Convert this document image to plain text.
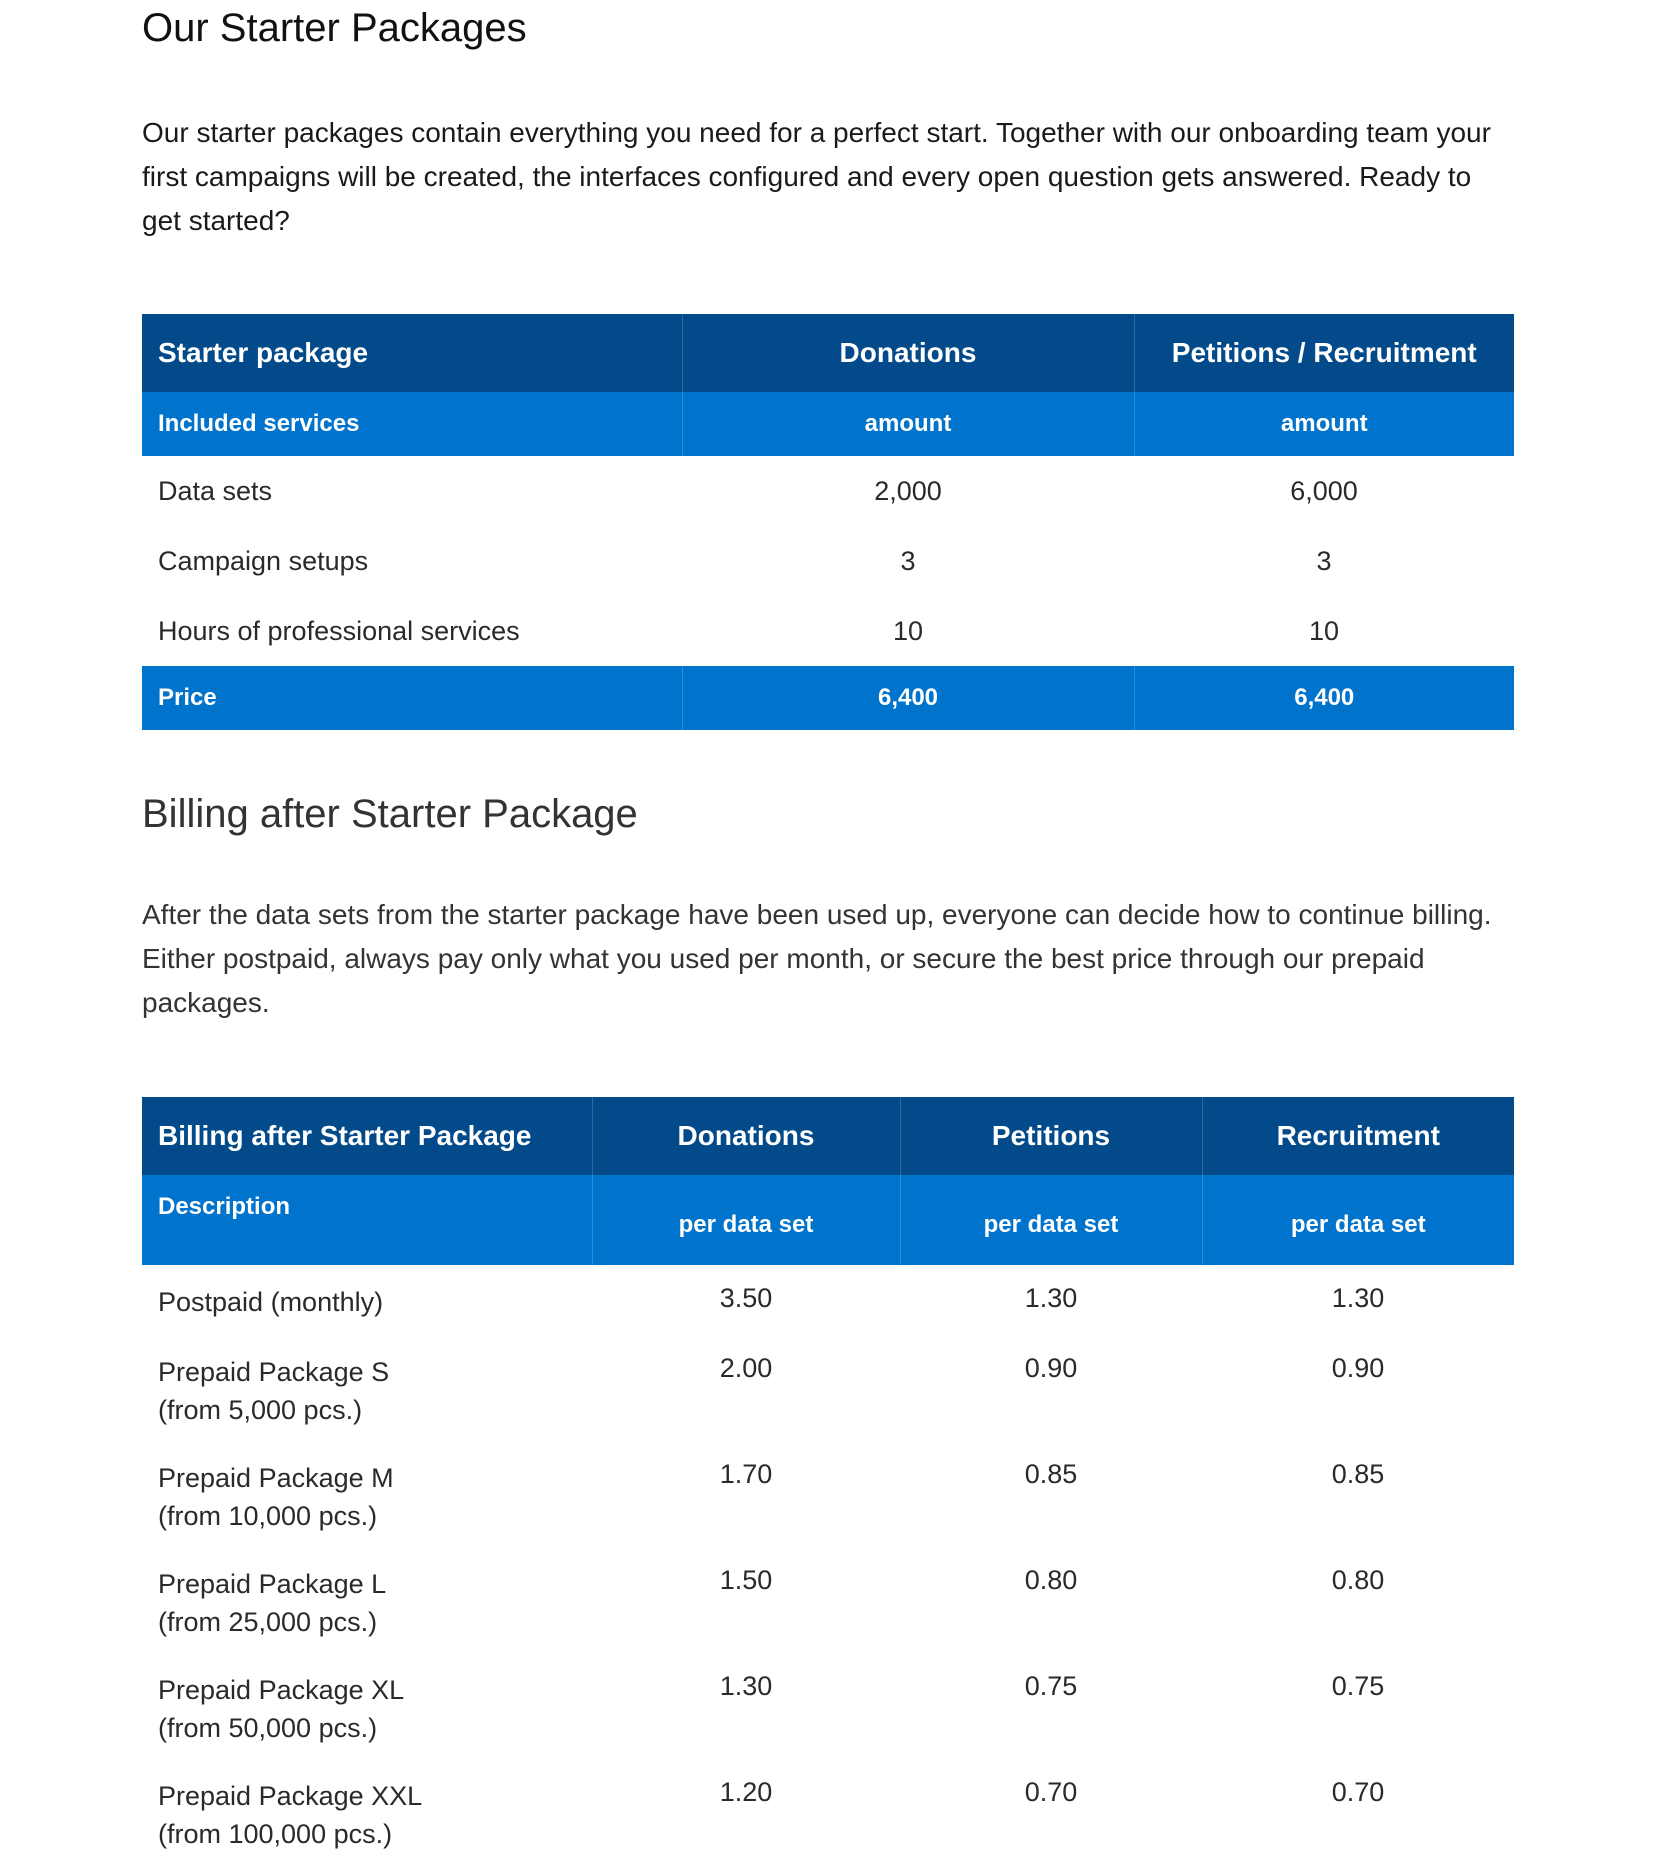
Our Starter Packages

Our starter packages contain everything you need for a perfect start. Together with our onboarding team your first campaigns will be created, the interfaces configured and every open question gets answered. Ready to get started?

Starter package	Donations	Petitions / Recruitment
Included services	amount	amount
Data sets	2,000	6,000
Campaign setups	3	3
Hours of professional services	10	10
Price	6,400	6,400
Billing after Starter Package

After the data sets from the starter package have been used up, everyone can decide how to continue billing. Either postpaid, always pay only what you used per month, or secure the best price through our prepaid packages.

Billing after Starter Package	Donations	Petitions	Recruitment
Description	per data set	per data set	per data set

Postpaid (monthly)	3.50	1.30	1.30

Prepaid Package S
(from 5,000 pcs.)	2.00	0.90	0.90

Prepaid Package M
(from 10,000 pcs.)	1.70	0.85	0.85

Prepaid Package L
(from 25,000 pcs.)	1.50	0.80	0.80

Prepaid Package XL
(from 50,000 pcs.)	1.30	0.75	0.75

Prepaid Package XXL
(from 100,000 pcs.)	1.20	0.70	0.70
